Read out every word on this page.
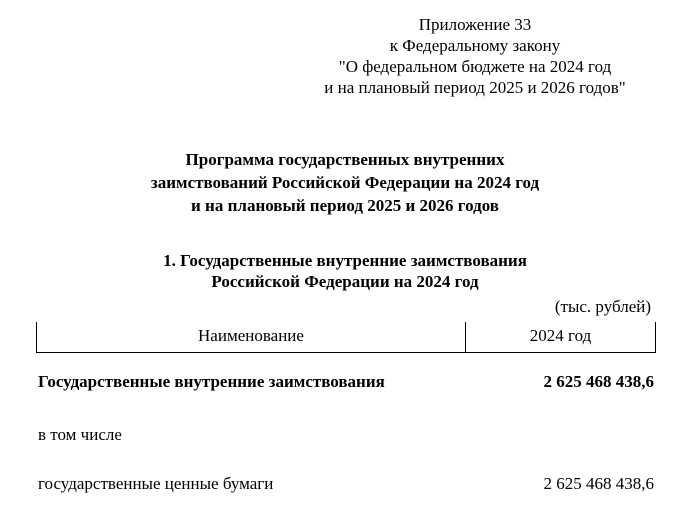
Приложение 33
к Федеральному закону
"О федеральном бюджете на 2024 год
и на плановый период 2025 и 2026 годов"
Программа государственных внутренних
заимствований Российской Федерации на 2024 год
и на плановый период 2025 и 2026 годов
1. Государственные внутренние заимствования
Российской Федерации на 2024 год
(тыс. рублей)
Наименование	2024 год
Государственные внутренние заимствования	2 625 468 438,6
в том числе
государственные ценные бумаги	2 625 468 438,6
